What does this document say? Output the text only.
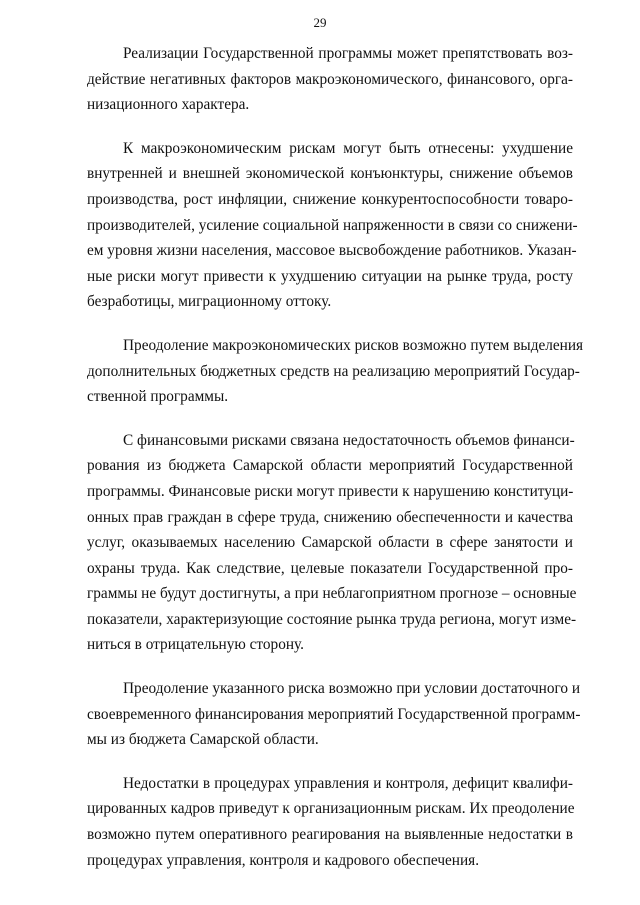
29

Реализации Государственной программы может препятствовать воз-
действие негативных факторов макроэкономического, финансового, орга-
низационного характера.

К макроэкономическим рискам могут быть отнесены: ухудшение
внутренней и внешней экономической конъюнктуры, снижение объемов
производства, рост инфляции, снижение конкурентоспособности товаро-
производителей, усиление социальной напряженности в связи со снижени-
ем уровня жизни населения, массовое высвобождение работников. Указан-
ные риски могут привести к ухудшению ситуации на рынке труда, росту
безработицы, миграционному оттоку.

Преодоление макроэкономических рисков возможно путем выделения
дополнительных бюджетных средств на реализацию мероприятий Государ-
ственной программы.

С финансовыми рисками связана недостаточность объемов финанси-
рования из бюджета Самарской области мероприятий Государственной
программы. Финансовые риски могут привести к нарушению конституци-
онных прав граждан в сфере труда, снижению обеспеченности и качества
услуг, оказываемых населению Самарской области в сфере занятости и
охраны труда. Как следствие, целевые показатели Государственной про-
граммы не будут достигнуты, а при неблагоприятном прогнозе – основные
показатели, характеризующие состояние рынка труда региона, могут изме-
ниться в отрицательную сторону.

Преодоление указанного риска возможно при условии достаточного и
своевременного финансирования мероприятий Государственной программ-
мы из бюджета Самарской области.

Недостатки в процедурах управления и контроля, дефицит квалифи-
цированных кадров приведут к организационным рискам. Их преодоление
возможно путем оперативного реагирования на выявленные недостатки в
процедурах управления, контроля и кадрового обеспечения.
